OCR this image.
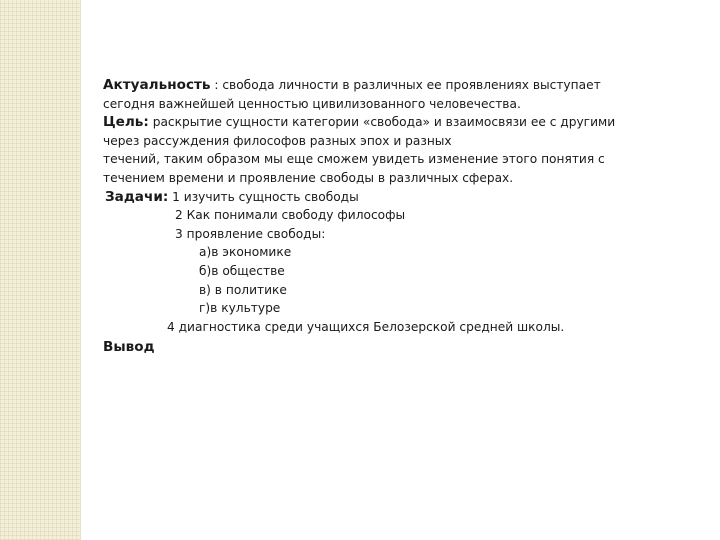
Актуальность : свобода личности в различных ее проявлениях выступает
сегодня важнейшей ценностью цивилизованного человечества.
Цель: раскрытие сущности категории «свобода» и взаимосвязи ее с другими
через рассуждения философов разных эпох и разных
течений, таким образом мы еще сможем увидеть изменение этого понятия с
течением времени и проявление свободы в различных сферах.
Задачи: 1 изучить сущность свободы
2 Как понимали свободу философы
3 проявление свободы:
а)в экономике
б)в обществе
в) в политике
г)в культуре
4 диагностика среди учащихся Белозерской средней школы.
Вывод
